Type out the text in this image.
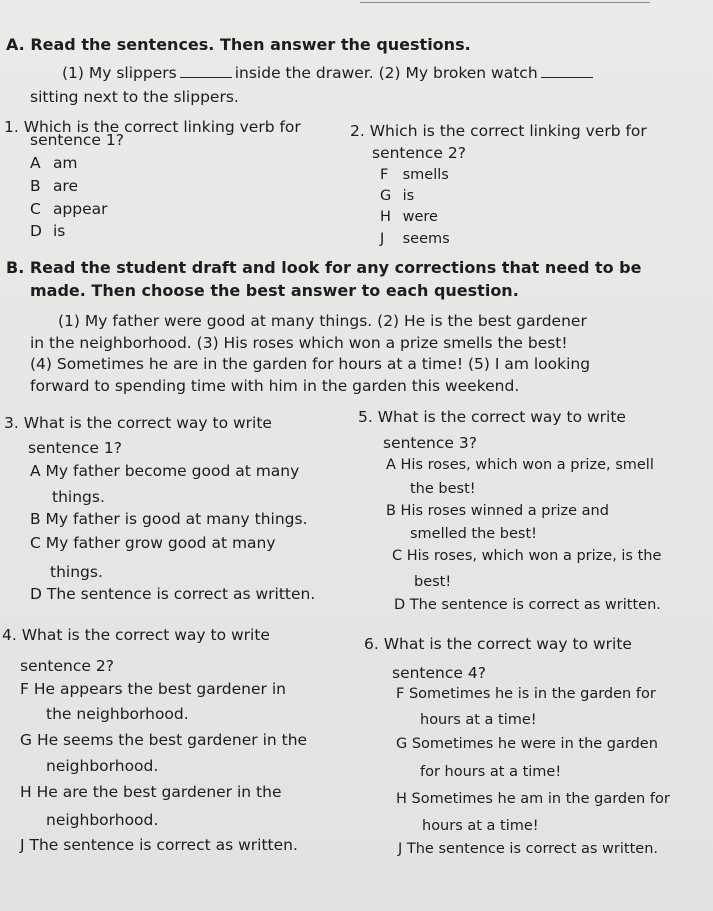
A. Read the sentences. Then answer the questions.
(1) My slippers	inside the drawer. (2) My broken watch
sitting next to the slippers.
1. Which is the correct linking verb for
sentence 1?
A am
B are
C appear
D is
2. Which is the correct linking verb for
sentence 2?
F smells
G is
H were
J seems
B. Read the student draft and look for any corrections that need to be
made. Then choose the best answer to each question.
(1) My father were good at many things. (2) He is the best gardener
in the neighborhood. (3) His roses which won a prize smells the best!
(4) Sometimes he are in the garden for hours at a time! (5) I am looking
forward to spending time with him in the garden this weekend.
3. What is the correct way to write
sentence 1?
A My father become good at many
things.
B My father is good at many things.
C My father grow good at many
things.
D The sentence is correct as written.
4. What is the correct way to write
sentence 2?
F He appears the best gardener in
the neighborhood.
G He seems the best gardener in the
neighborhood.
H He are the best gardener in the
neighborhood.
J The sentence is correct as written.
5. What is the correct way to write
sentence 3?
A His roses, which won a prize, smell
the best!
B His roses winned a prize and
smelled the best!
C His roses, which won a prize, is the
best!
D The sentence is correct as written.
6. What is the correct way to write
sentence 4?
F Sometimes he is in the garden for
hours at a time!
G Sometimes he were in the garden
for hours at a time!
H Sometimes he am in the garden for
hours at a time!
J The sentence is correct as written.
